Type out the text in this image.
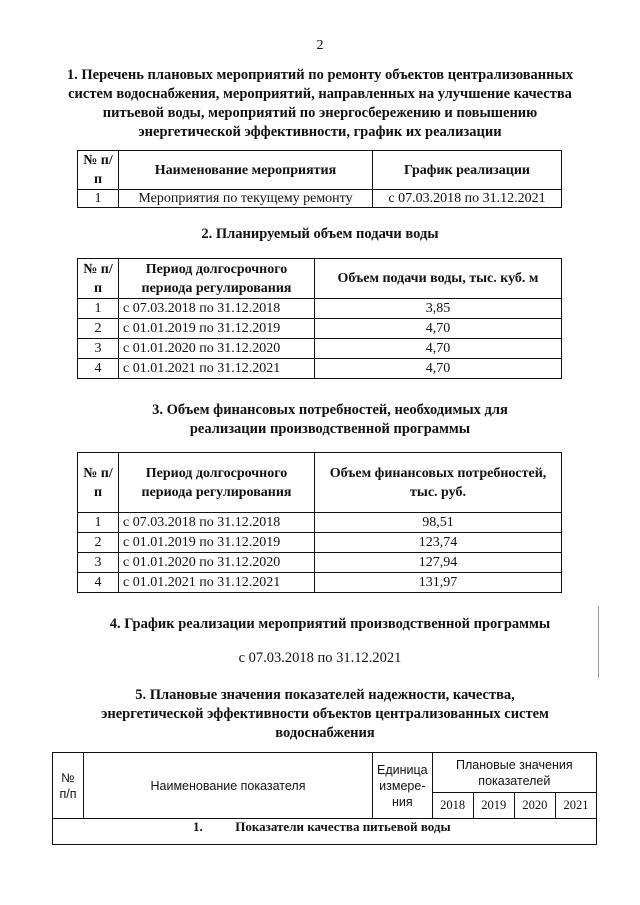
2
1. Перечень плановых мероприятий по ремонту объектов централизованных систем водоснабжения, мероприятий, направленных на улучшение качества питьевой воды, мероприятий по энергосбережению и повышению энергетической эффективности, график их реализации
№ п/п	Наименование мероприятия	График реализации
1	Мероприятия по текущему ремонту	с 07.03.2018 по 31.12.2021
2. Планируемый объем подачи воды
№ п/п	Период долгосрочного периода регулирования	Объем подачи воды, тыс. куб. м
1	с 07.03.2018 по 31.12.2018	3,85
2	с 01.01.2019 по 31.12.2019	4,70
3	с 01.01.2020 по 31.12.2020	4,70
4	с 01.01.2021 по 31.12.2021	4,70
3. Объем финансовых потребностей, необходимых для реализации производственной программы
№ п/п	Период долгосрочного периода регулирования	Объем финансовых потребностей, тыс. руб.
1	с 07.03.2018 по 31.12.2018	98,51
2	с 01.01.2019 по 31.12.2019	123,74
3	с 01.01.2020 по 31.12.2020	127,94
4	с 01.01.2021 по 31.12.2021	131,97
4. График реализации мероприятий производственной программы
с 07.03.2018 по 31.12.2021
5. Плановые значения показателей надежности, качества, энергетической эффективности объектов централизованных систем водоснабжения
№ п/п	Наименование показателя	Единица измере- ния	Плановые значения показателей			
			2018	2019	2020	2021
1. Показатели качества питьевой воды						
